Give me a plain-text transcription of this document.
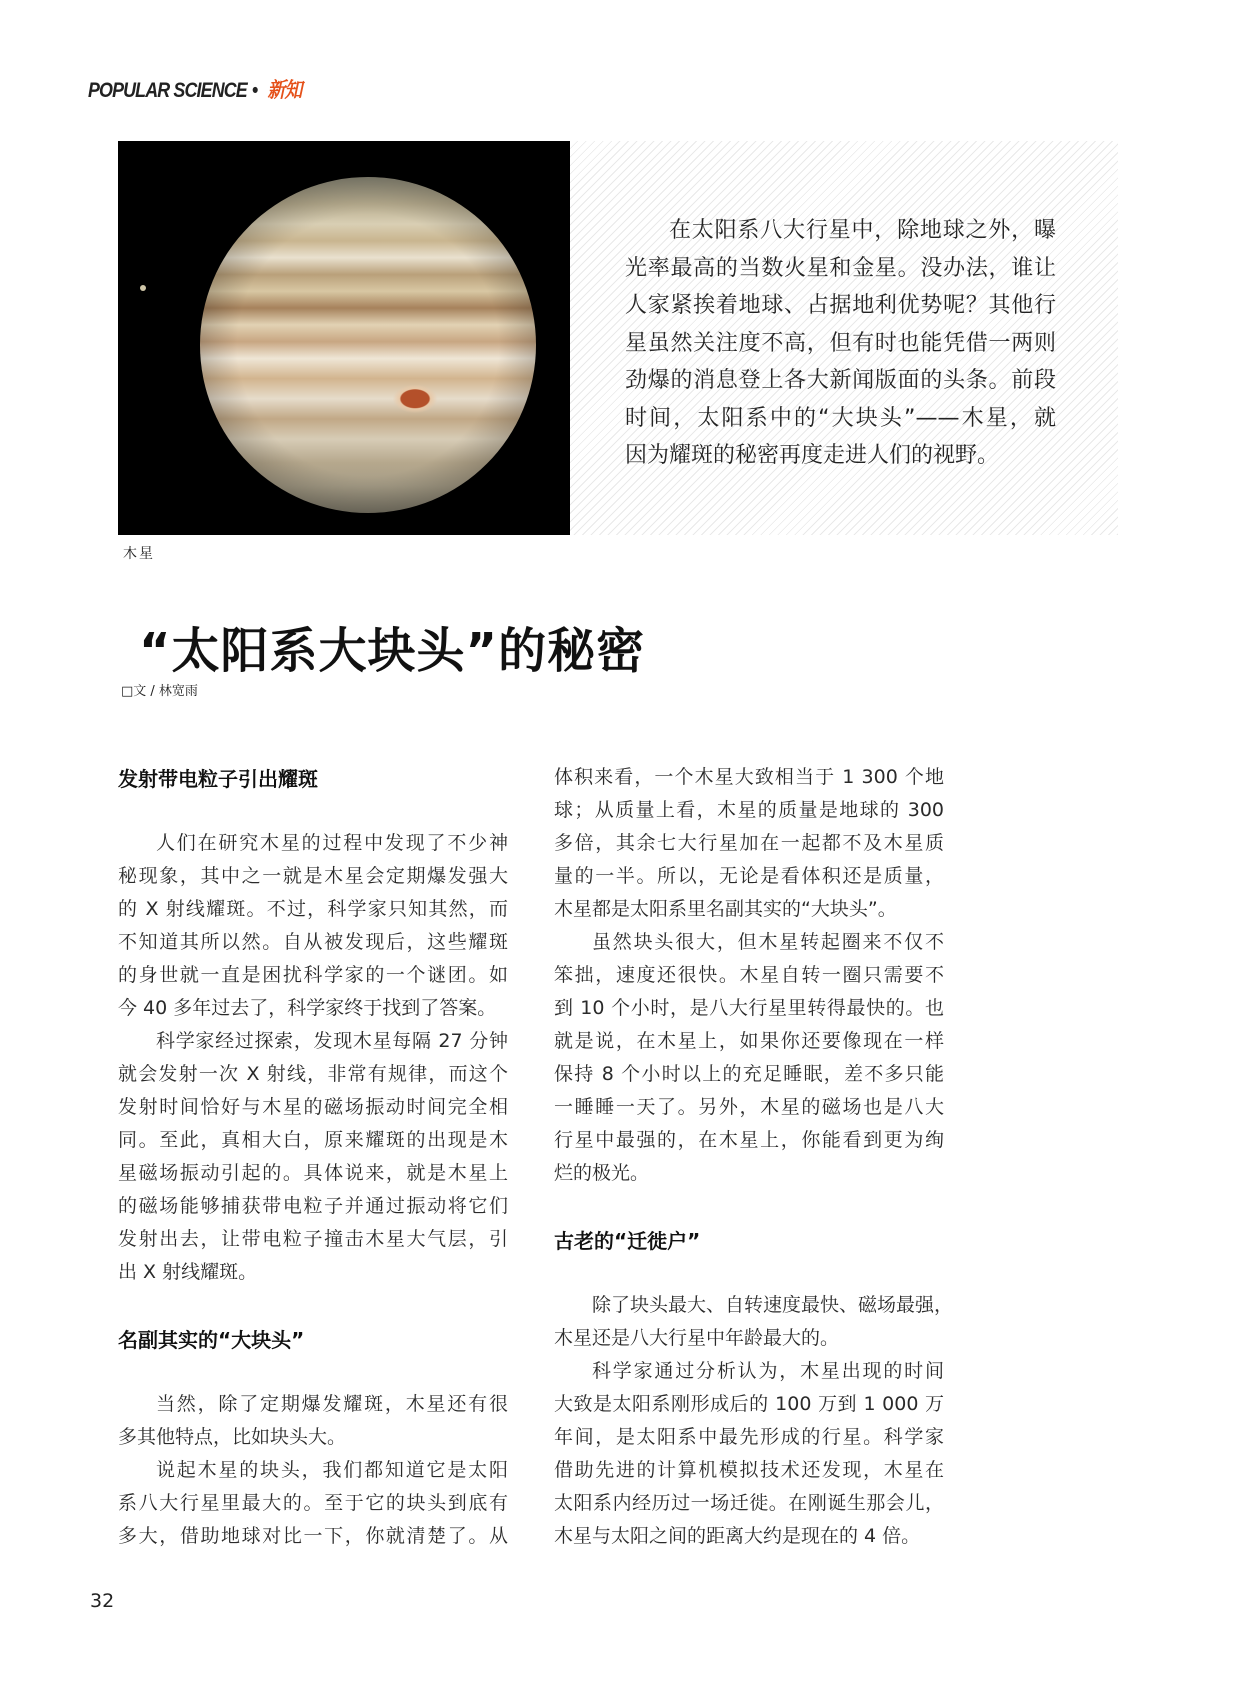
POPULAR SCIENCE • 新知
在太阳系八大行星中，除地球之外，曝
光率最高的当数火星和金星。没办法，谁让
人家紧挨着地球、占据地利优势呢？其他行
星虽然关注度不高，但有时也能凭借一两则
劲爆的消息登上各大新闻版面的头条。前段
时间，太阳系中的“大块头”——木星，就
因为耀斑的秘密再度走进人们的视野。
木星
“太阳系大块头”的秘密
□文 / 林宽雨
发射带电粒子引出耀斑
人们在研究木星的过程中发现了不少神
秘现象，其中之一就是木星会定期爆发强大
的 X 射线耀斑。不过，科学家只知其然，而
不知道其所以然。自从被发现后，这些耀斑
的身世就一直是困扰科学家的一个谜团。如
今 40 多年过去了，科学家终于找到了答案。
科学家经过探索，发现木星每隔 27 分钟
就会发射一次 X 射线，非常有规律，而这个
发射时间恰好与木星的磁场振动时间完全相
同。至此，真相大白，原来耀斑的出现是木
星磁场振动引起的。具体说来，就是木星上
的磁场能够捕获带电粒子并通过振动将它们
发射出去，让带电粒子撞击木星大气层，引
出 X 射线耀斑。
名副其实的“大块头”
当然，除了定期爆发耀斑，木星还有很
多其他特点，比如块头大。
说起木星的块头，我们都知道它是太阳
系八大行星里最大的。至于它的块头到底有
多大，借助地球对比一下，你就清楚了。从
体积来看，一个木星大致相当于 1 300 个地
球；从质量上看，木星的质量是地球的 300
多倍，其余七大行星加在一起都不及木星质
量的一半。所以，无论是看体积还是质量，
木星都是太阳系里名副其实的“大块头”。
虽然块头很大，但木星转起圈来不仅不
笨拙，速度还很快。木星自转一圈只需要不
到 10 个小时，是八大行星里转得最快的。也
就是说，在木星上，如果你还要像现在一样
保持 8 个小时以上的充足睡眠，差不多只能
一睡睡一天了。另外，木星的磁场也是八大
行星中最强的，在木星上，你能看到更为绚
烂的极光。
古老的“迁徙户”
除了块头最大、自转速度最快、磁场最强，
木星还是八大行星中年龄最大的。
科学家通过分析认为，木星出现的时间
大致是太阳系刚形成后的 100 万到 1 000 万
年间，是太阳系中最先形成的行星。科学家
借助先进的计算机模拟技术还发现，木星在
太阳系内经历过一场迁徙。在刚诞生那会儿，
木星与太阳之间的距离大约是现在的 4 倍。
32
